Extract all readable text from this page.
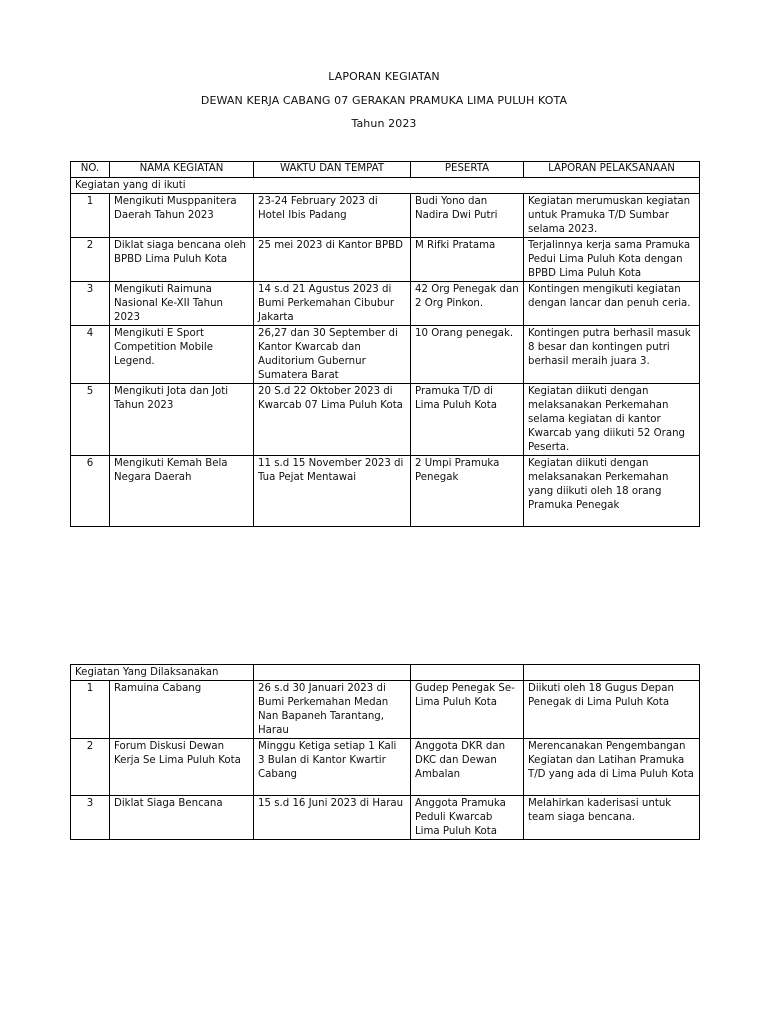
LAPORAN KEGIATAN
DEWAN KERJA CABANG 07 GERAKAN PRAMUKA LIMA PULUH KOTA
Tahun 2023
NO.	NAMA KEGIATAN	WAKTU DAN TEMPAT	PESERTA	LAPORAN PELAKSANAAN
Kegiatan yang di ikuti				
1	Mengikuti Musppanitera Daerah Tahun 2023	23-24 February 2023 di Hotel Ibis Padang	Budi Yono dan Nadira Dwi Putri	Kegiatan merumuskan kegiatan untuk Pramuka T/D Sumbar selama 2023.
2	Diklat siaga bencana oleh BPBD Lima Puluh Kota	25 mei 2023 di Kantor BPBD	M Rifki Pratama	Terjalinnya kerja sama Pramuka Pedui Lima Puluh Kota dengan BPBD Lima Puluh Kota
3	Mengikuti Raimuna Nasional Ke-XII Tahun 2023	14 s.d 21 Agustus 2023 di Bumi Perkemahan Cibubur Jakarta	42 Org Penegak dan 2 Org Pinkon.	Kontingen mengikuti kegiatan dengan lancar dan penuh ceria.
4	Mengikuti E Sport Competition Mobile Legend.	26,27 dan 30 September di Kantor Kwarcab dan Auditorium Gubernur Sumatera Barat	10 Orang penegak.	Kontingen putra berhasil masuk 8 besar dan kontingen putri berhasil meraih juara 3.
5	Mengikuti Jota dan Joti Tahun 2023	20 S.d 22 Oktober 2023 di Kwarcab 07 Lima Puluh Kota	Pramuka T/D di Lima Puluh Kota	Kegiatan diikuti dengan melaksanakan Perkemahan selama kegiatan di kantor Kwarcab yang diikuti 52 Orang Peserta.
6	Mengikuti Kemah Bela Negara Daerah	11 s.d 15 November 2023 di Tua Pejat Mentawai	2 Umpi Pramuka Penegak	Kegiatan diikuti dengan melaksanakan Perkemahan yang diikuti oleh 18 orang Pramuka Penegak
Kegiatan Yang Dilaksanakan				
1	Ramuina Cabang	26 s.d 30 Januari 2023 di Bumi Perkemahan Medan Nan Bapaneh Tarantang, Harau	Gudep Penegak Se-Lima Puluh Kota	Diikuti oleh 18 Gugus Depan Penegak di Lima Puluh Kota
2	Forum Diskusi Dewan Kerja Se Lima Puluh Kota	Minggu Ketiga setiap 1 Kali 3 Bulan di Kantor Kwartir Cabang	Anggota DKR dan DKC dan Dewan Ambalan	Merencanakan Pengembangan Kegiatan dan Latihan Pramuka T/D yang ada di Lima Puluh Kota
3	Diklat Siaga Bencana	15 s.d 16 Juni 2023 di Harau	Anggota Pramuka Peduli Kwarcab Lima Puluh Kota	Melahirkan kaderisasi untuk team siaga bencana.
